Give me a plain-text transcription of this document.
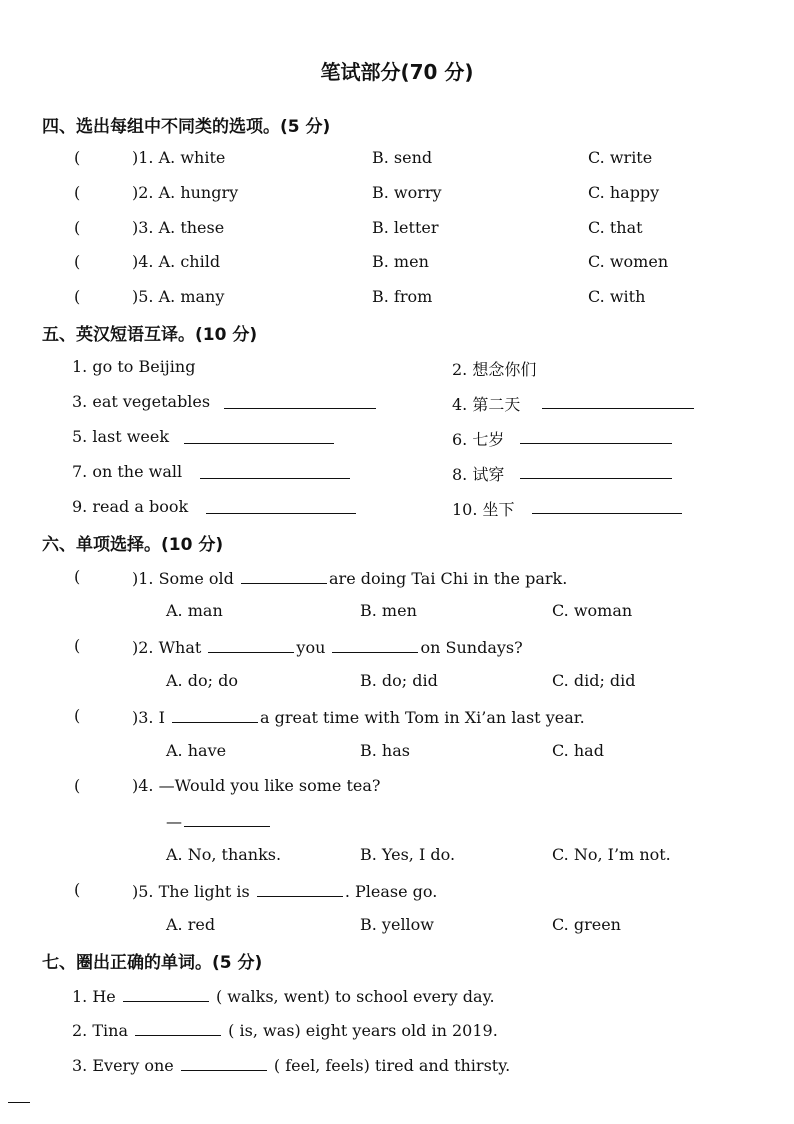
笔试部分(70 分)
四、选出每组中不同类的选项。(5 分)
(	)1. A. white	B. send	C. write
(	)2. A. hungry	B. worry	C. happy
(	)3. A. these	B. letter	C. that
(	)4. A. child	B. men	C. women
(	)5. A. many	B. from	C. with
五、英汉短语互译。(10 分)
1. go to Beijing	2. 想念你们
3. eat vegetables	4. 第二天
5. last week	6. 七岁
7. on the wall	8. 试穿
9. read a book	10. 坐下
六、单项选择。(10 分)
(	)1. Some old	are doing Tai Chi in the park.
A. man	B. men	C. woman
(	)2. What	you	on Sundays?
A. do; do	B. do; did	C. did; did
(	)3. I	a great time with Tom in Xi’an last year.
A. have	B. has	C. had
(	)4. —Would you like some tea?
—
A. No, thanks.	B. Yes, I do.	C. No, I’m not.
(	)5. The light is	. Please go.
A. red	B. yellow	C. green
七、圈出正确的单词。(5 分)
1. He	( walks, went) to school every day.
2. Tina	( is, was) eight years old in 2019.
3. Every one	( feel, feels) tired and thirsty.
